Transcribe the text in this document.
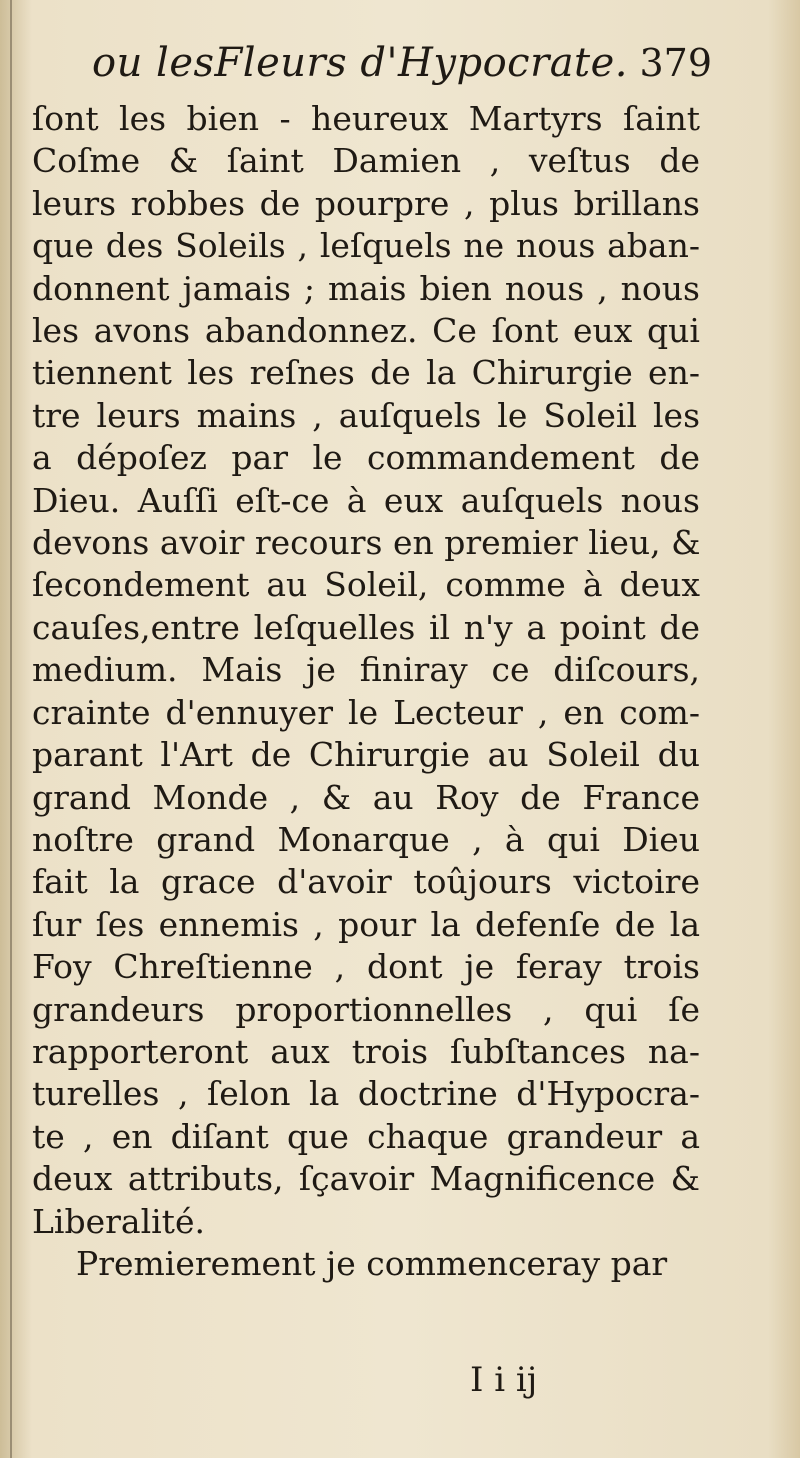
ou lesFleurs d'Hypocrate. 379
ſont les bien - heureux Martyrs ſaint
Coſme & ſaint Damien , veſtus de
leurs robbes de pourpre , plus brillans
que des Soleils , leſquels ne nous aban-
donnent jamais ; mais bien nous , nous
les avons abandonnez. Ce ſont eux qui
tiennent les reſnes de la Chirurgie en-
tre leurs mains , auſquels le Soleil les
a dépoſez par le commandement de
Dieu. Auſſi eſt-ce à eux auſquels nous
devons avoir recours en premier lieu, &
ſecondement au Soleil, comme à deux
cauſes,entre leſquelles il n'y a point de
medium. Mais je finiray ce diſcours,
crainte d'ennuyer le Lecteur , en com-
parant l'Art de Chirurgie au Soleil du
grand Monde , & au Roy de France
noſtre grand Monarque , à qui Dieu
fait la grace d'avoir toûjours victoire
ſur ſes ennemis , pour la defenſe de la
Foy Chreſtienne , dont je feray trois
grandeurs proportionnelles , qui ſe
rapporteront aux trois ſubſtances na-
turelles , ſelon la doctrine d'Hypocra-
te , en diſant que chaque grandeur a
deux attributs, ſçavoir Magnificence &
Liberalité.
Premierement je commenceray par
I i ij
